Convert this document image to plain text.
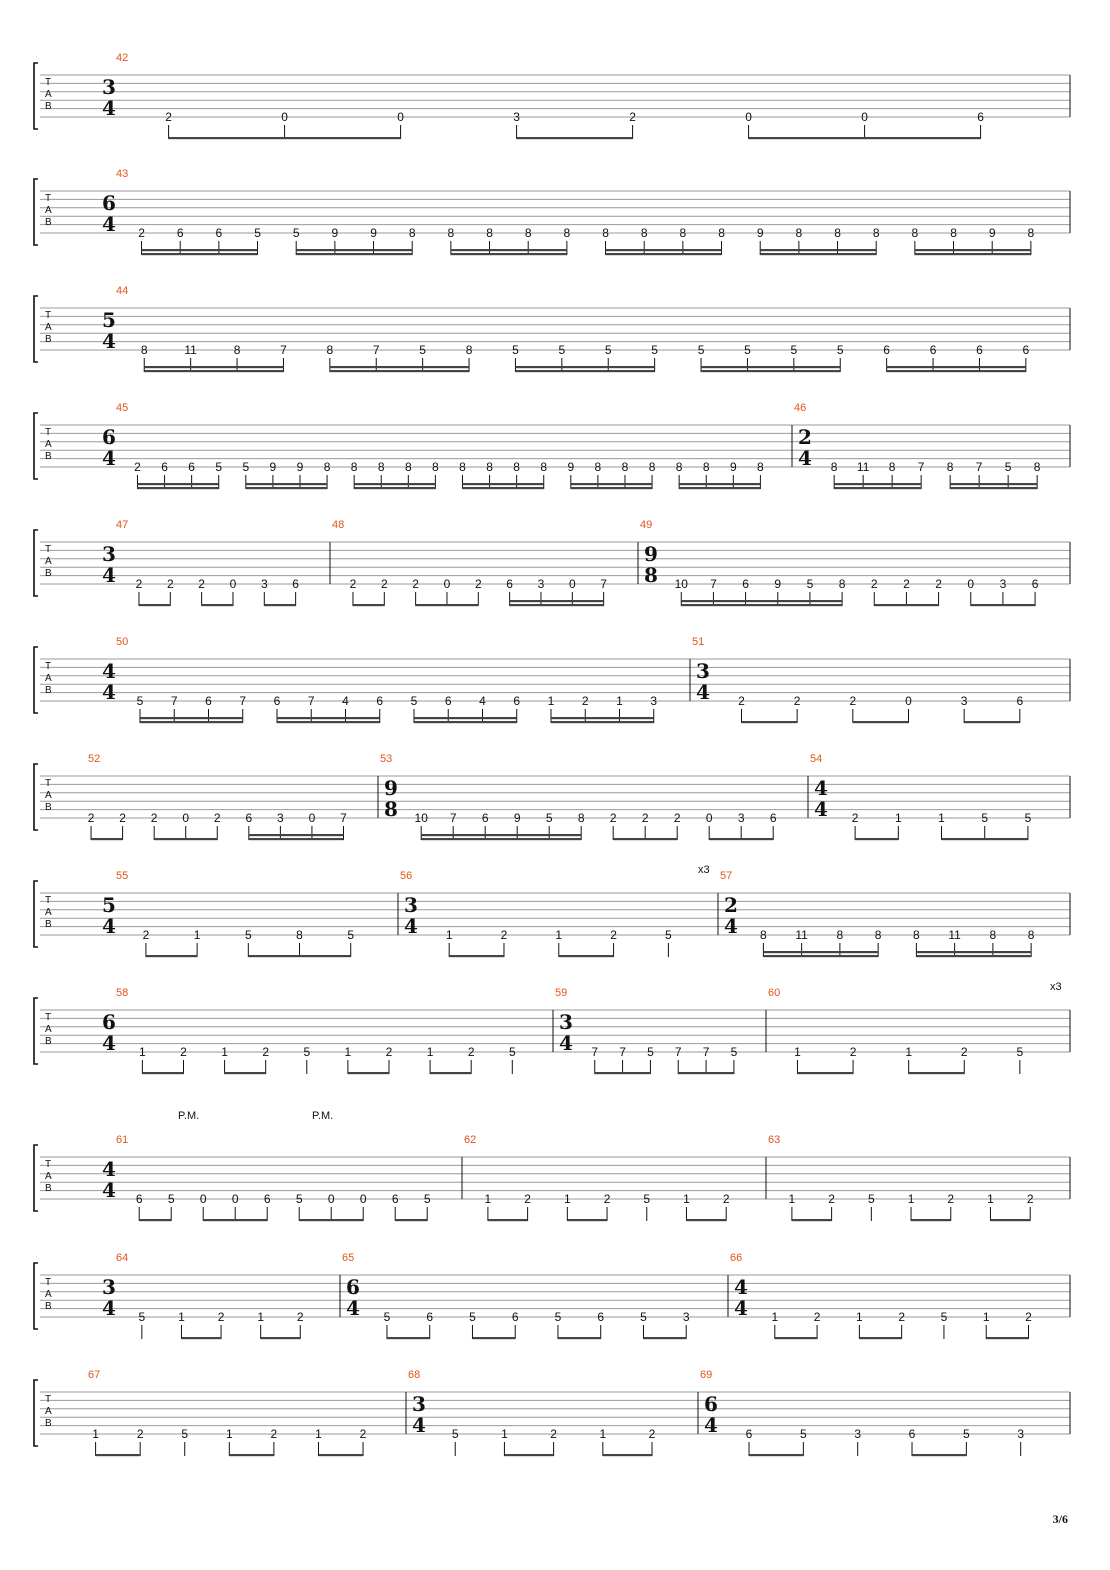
T
A
B
42
3
4	2	0	0	3	2	0	0	6
T
A
B
43
6
4 2	6	6	5	5	9	9	8	8	8	8	8	8	8	8	8	9	8	8	8	8	8	9	8
T
A
B
44
5
4 8	11	8	7	8	7	5	8	5	5	5	5	5	5	5	5	6	6	6	6
T
A
B
45
6
4 2 6 6 5 5 9 9 8 8 8 8 8 8 8 8 8 9 8 8 8 8 8 9 8
46
2
4 8 11 8 7 8 7 5 8
T
A
B
47
3
4 2 2 2 0 3 6
48
2 2 2 0 2 6 3 0 7
49
9
8 10 7 6 9 5 8 2 2 2 0 3 6
T
A
B
50
4
4 5 7 6 7 6 7 4 6 5 6 4 6 1 2 1 3
51
3
4 2	2	2	0	3	6
T
A
B
52
2 2 2 0 2 6 3 0 7
53
9
8 10 7 6 9 5 8 2 2 2 0 3 6
54
4
4 2	1	1	5	5
T
A
B
55
5
4 2	1	5	8	5
56
3
4
x3
1	2	1	2	5
57
2
4 8 11 8	8	8 11 8	8
T
A
B
58
6
4 1	2	1	2	5	1	2	1	2	5
59
3
4 7 7 5 7 7 5
60	x3
1	2	1	2	5
T
A
B
P.M.	P.M.
61
4
4 6 5 0 0 6 5 0 0 6 5
62
1	2	1	2	5	1	2
63
1	2	5	1	2	1	2
T
A
B
64
3
4 5	1	2	1	2
65
6
4 5	6	5	6	5	6	5	3
66
4
4 1	2	1	2	5	1	2
T
A
B
67
1	2	5	1	2	1	2
68
3
4 5	1	2	1	2
69
6
4 6	5	3	6	5	3
3/6
